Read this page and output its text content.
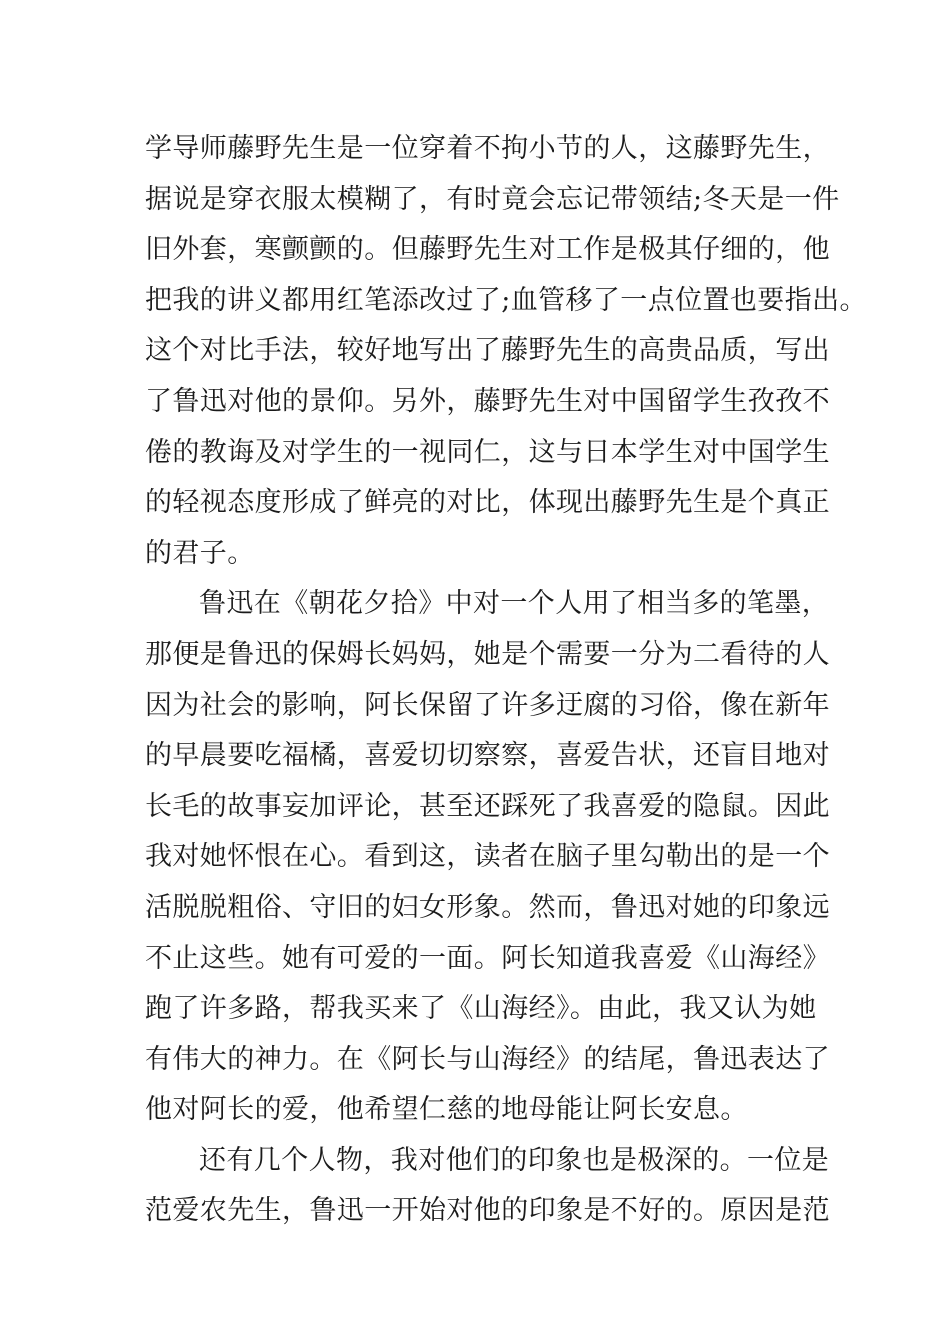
学导师藤野先生是一位穿着不拘小节的人，这藤野先生，
据说是穿衣服太模糊了，有时竟会忘记带领结;冬天是一件
旧外套，寒颤颤的。但藤野先生对工作是极其仔细的，他
把我的讲义都用红笔添改过了;血管移了一点位置也要指出。
这个对比手法，较好地写出了藤野先生的高贵品质，写出
了鲁迅对他的景仰。另外，藤野先生对中国留学生孜孜不
倦的教诲及对学生的一视同仁，这与日本学生对中国学生
的轻视态度形成了鲜亮的对比，体现出藤野先生是个真正
的君子。
鲁迅在《朝花夕拾》中对一个人用了相当多的笔墨，
那便是鲁迅的保姆长妈妈，她是个需要一分为二看待的人
因为社会的影响，阿长保留了许多迂腐的习俗，像在新年
的早晨要吃福橘，喜爱切切察察，喜爱告状，还盲目地对
长毛的故事妄加评论，甚至还踩死了我喜爱的隐鼠。因此
我对她怀恨在心。看到这，读者在脑子里勾勒出的是一个
活脱脱粗俗、守旧的妇女形象。然而，鲁迅对她的印象远
不止这些。她有可爱的一面。阿长知道我喜爱《山海经》
跑了许多路，帮我买来了《山海经》。由此，我又认为她
有伟大的神力。在《阿长与山海经》的结尾，鲁迅表达了
他对阿长的爱，他希望仁慈的地母能让阿长安息。
还有几个人物，我对他们的印象也是极深的。一位是
范爱农先生，鲁迅一开始对他的印象是不好的。原因是范
